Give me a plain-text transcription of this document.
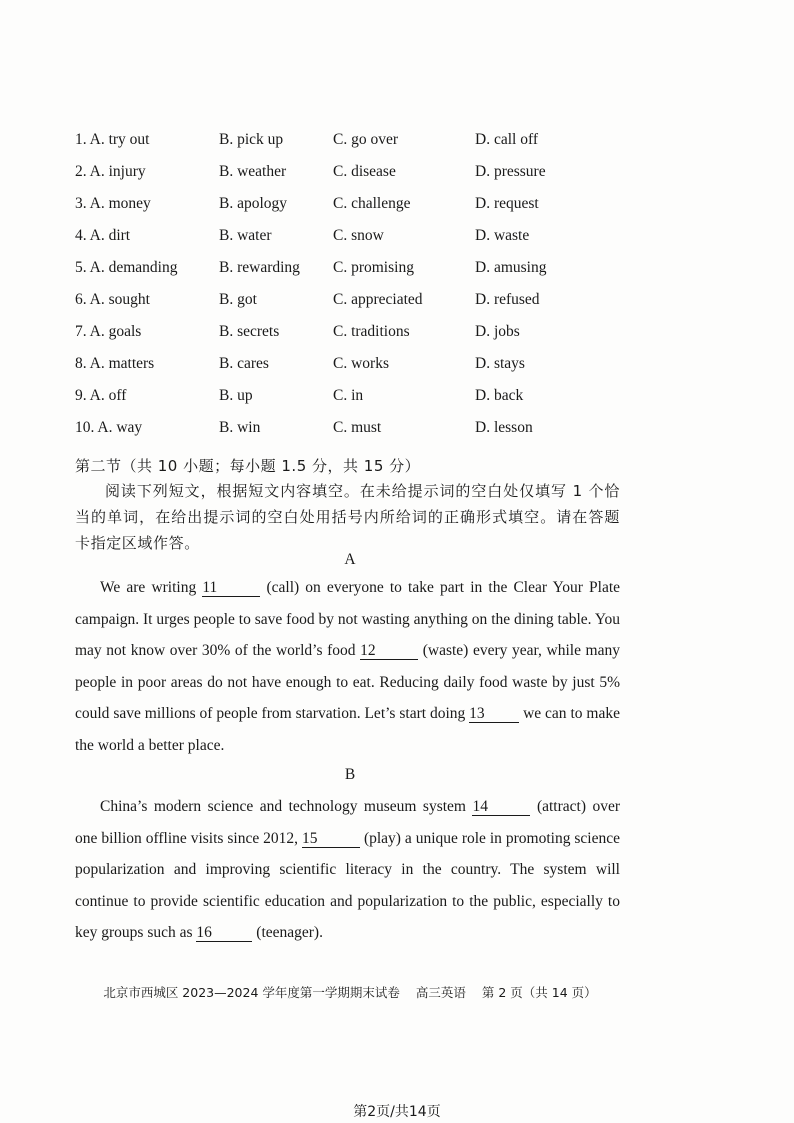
1. A. try out	B. pick up	C. go over	D. call off
2. A. injury	B. weather	C. disease	D. pressure
3. A. money	B. apology	C. challenge	D. request
4. A. dirt	B. water	C. snow	D. waste
5. A. demanding	B. rewarding C. promising	D. amusing
6. A. sought	B. got	C. appreciated	D. refused
7. A. goals	B. secrets	C. traditions	D. jobs
8. A. matters	B. cares	C. works	D. stays
9. A. off	B. up	C. in	D. back
10. A. way	B. win	C. must	D. lesson
第二节（共 10 小题；每小题 1.5 分，共 15 分）
阅读下列短文，根据短文内容填空。在未给提示词的空白处仅填写 1 个恰当的单词，在给出提示词的空白处用括号内所给词的正确形式填空。请在答题卡指定区域作答。
A

We are writing 11	(call) on everyone to take part in the Clear Your Plate campaign. It urges people to save food by not wasting anything on the dining table. You may not know over 30% of the world’s food 12	(waste) every year, while many people in poor areas do not have enough to eat. Reducing daily food waste by just 5% could save millions of people from starvation. Let’s start doing 13 we can to make the world a better place.

B

China’s modern science and technology museum system 14	(attract) over one billion offline visits since 2012, 15	(play) a unique role in promoting science popularization and improving scientific literacy in the country. The system will continue to provide scientific education and popularization to the public, especially to key groups such as 16	(teenager).

北京市西城区 2023—2024 学年度第一学期期末试卷 高三英语 第 2 页（共 14 页）
第2页/共14页
